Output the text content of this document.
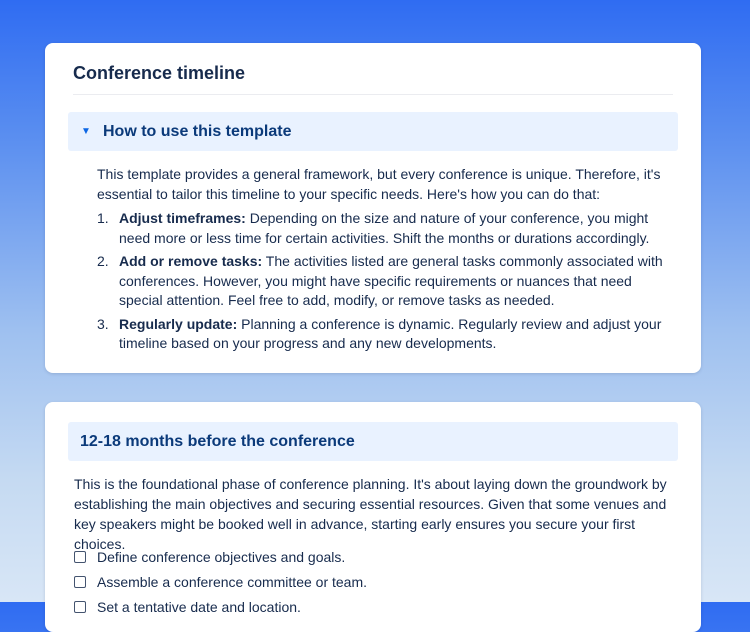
Conference timeline
▼ How to use this template

This template provides a general framework, but every conference is unique. Therefore, it's essential to tailor this timeline to your specific needs. Here's how you can do that:

1. Adjust timeframes: Depending on the size and nature of your conference, you might need more or less time for certain activities. Shift the months or durations accordingly.
2. Add or remove tasks: The activities listed are general tasks commonly associated with conferences. However, you might have specific requirements or nuances that need special attention. Feel free to add, modify, or remove tasks as needed.
3. Regularly update: Planning a conference is dynamic. Regularly review and adjust your timeline based on your progress and any new developments.
12-18 months before the conference

This is the foundational phase of conference planning. It's about laying down the groundwork by establishing the main objectives and securing essential resources. Given that some venues and key speakers might be booked well in advance, starting early ensures you secure your first choices.

Define conference objectives and goals.
Assemble a conference committee or team.
Set a tentative date and location.
